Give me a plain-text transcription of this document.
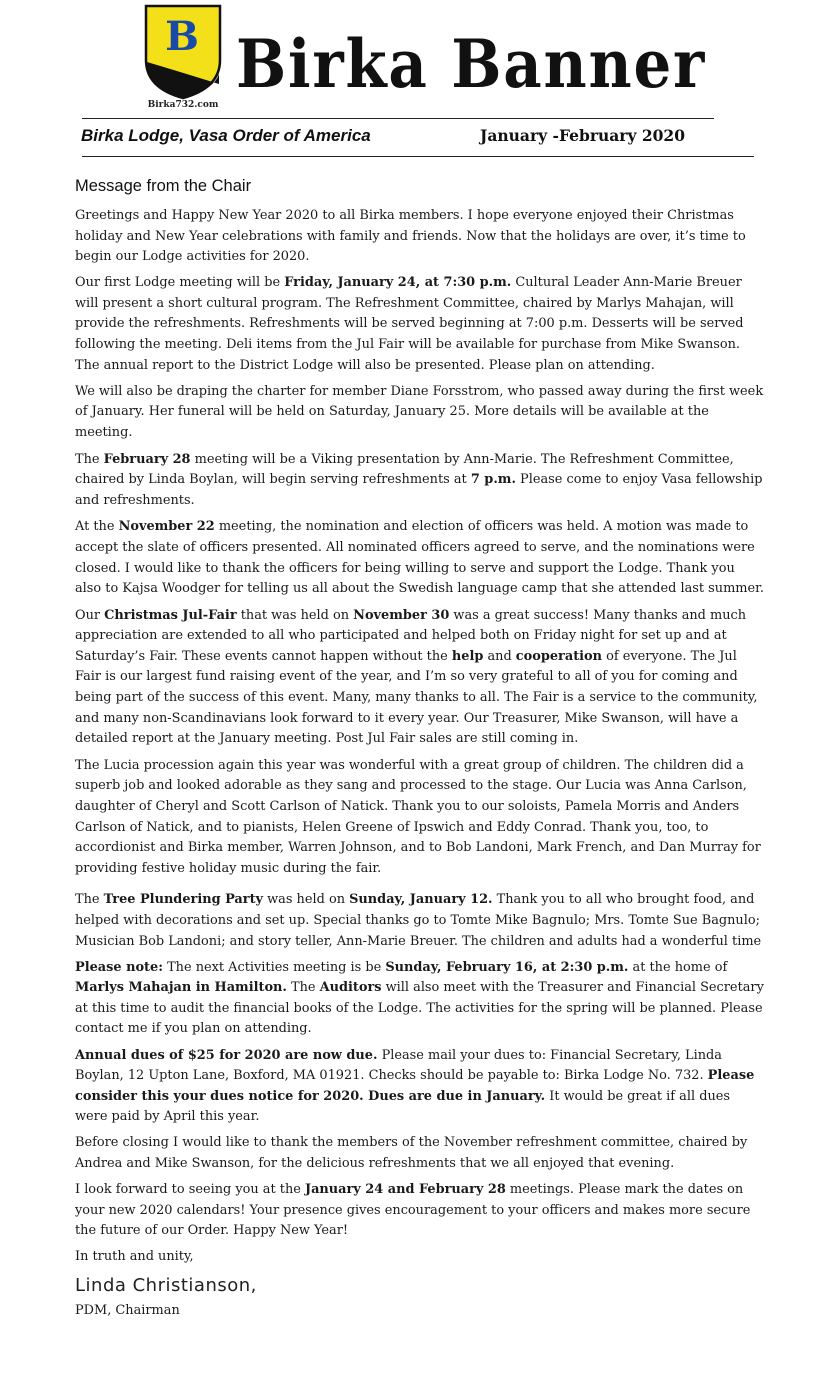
B
Birka732.com
Birka Banner
Birka Lodge, Vasa Order of America	January -February 2020
Message from the Chair

Greetings and Happy New Year 2020 to all Birka members. I hope everyone enjoyed their Christmas holiday and New Year celebrations with family and friends. Now that the holidays are over, it’s time to begin our Lodge activities for 2020.

Our first Lodge meeting will be Friday, January 24, at 7:30 p.m. Cultural Leader Ann-Marie Breuer will present a short cultural program. The Refreshment Committee, chaired by Marlys Mahajan, will provide the refreshments. Refreshments will be served beginning at 7:00 p.m. Desserts will be served following the meeting. Deli items from the Jul Fair will be available for purchase from Mike Swanson. The annual report to the District Lodge will also be presented. Please plan on attending.

We will also be draping the charter for member Diane Forsstrom, who passed away during the first week of January. Her funeral will be held on Saturday, January 25. More details will be available at the meeting.

The February 28 meeting will be a Viking presentation by Ann-Marie. The Refreshment Committee, chaired by Linda Boylan, will begin serving refreshments at 7 p.m. Please come to enjoy Vasa fellowship and refreshments.

At the November 22 meeting, the nomination and election of officers was held. A motion was made to accept the slate of officers presented. All nominated officers agreed to serve, and the nominations were closed. I would like to thank the officers for being willing to serve and support the Lodge. Thank you also to Kajsa Woodger for telling us all about the Swedish language camp that she attended last summer.

Our Christmas Jul-Fair that was held on November 30 was a great success! Many thanks and much appreciation are extended to all who participated and helped both on Friday night for set up and at Saturday’s Fair. These events cannot happen without the help and cooperation of everyone. The Jul Fair is our largest fund raising event of the year, and I’m so very grateful to all of you for coming and being part of the success of this event. Many, many thanks to all. The Fair is a service to the community, and many non-Scandinavians look forward to it every year. Our Treasurer, Mike Swanson, will have a detailed report at the January meeting. Post Jul Fair sales are still coming in.

The Lucia procession again this year was wonderful with a great group of children. The children did a superb job and looked adorable as they sang and processed to the stage. Our Lucia was Anna Carlson, daughter of Cheryl and Scott Carlson of Natick. Thank you to our soloists, Pamela Morris and Anders Carlson of Natick, and to pianists, Helen Greene of Ipswich and Eddy Conrad. Thank you, too, to accordionist and Birka member, Warren Johnson, and to Bob Landoni, Mark French, and Dan Murray for providing festive holiday music during the fair.

The Tree Plundering Party was held on Sunday, January 12. Thank you to all who brought food, and helped with decorations and set up. Special thanks go to Tomte Mike Bagnulo; Mrs. Tomte Sue Bagnulo; Musician Bob Landoni; and story teller, Ann-Marie Breuer. The children and adults had a wonderful time

Please note: The next Activities meeting is be Sunday, February 16, at 2:30 p.m. at the home of Marlys Mahajan in Hamilton. The Auditors will also meet with the Treasurer and Financial Secretary at this time to audit the financial books of the Lodge. The activities for the spring will be planned. Please contact me if you plan on attending.

Annual dues of $25 for 2020 are now due. Please mail your dues to: Financial Secretary, Linda Boylan, 12 Upton Lane, Boxford, MA 01921. Checks should be payable to: Birka Lodge No. 732. Please consider this your dues notice for 2020. Dues are due in January. It would be great if all dues were paid by April this year.

Before closing I would like to thank the members of the November refreshment committee, chaired by Andrea and Mike Swanson, for the delicious refreshments that we all enjoyed that evening.

I look forward to seeing you at the January 24 and February 28 meetings. Please mark the dates on your new 2020 calendars! Your presence gives encouragement to your officers and makes more secure the future of our Order. Happy New Year!

In truth and unity,

Linda Christianson,

PDM, Chairman
